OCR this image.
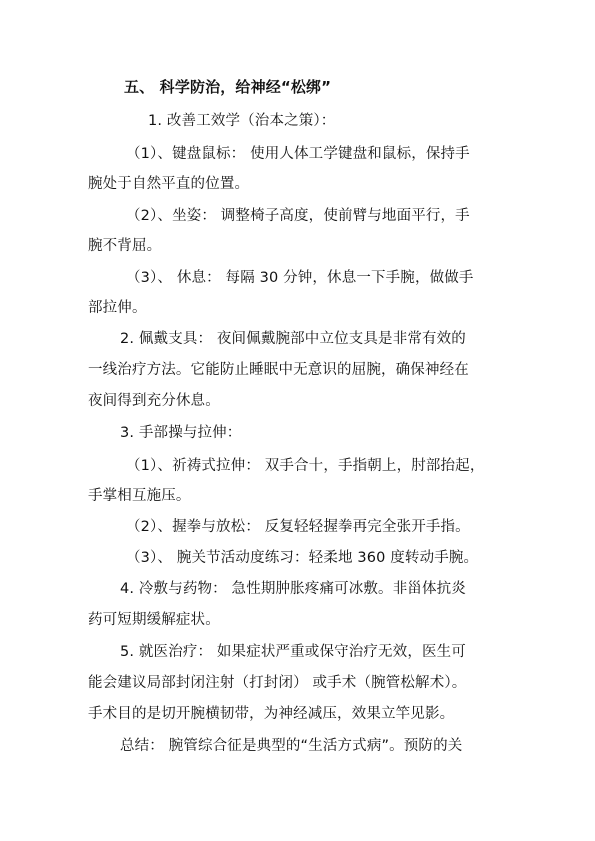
五、 科学防治，给神经“松绑”
1. 改善工效学（治本之策）：
（1）、键盘鼠标： 使用人体工学键盘和鼠标，保持手
腕处于自然平直的位置。
（2）、坐姿： 调整椅子高度，使前臂与地面平行，手
腕不背屈。
（3）、 休息： 每隔 30 分钟，休息一下手腕，做做手
部拉伸。
2. 佩戴支具： 夜间佩戴腕部中立位支具是非常有效的
一线治疗方法。它能防止睡眠中无意识的屈腕，确保神经在
夜间得到充分休息。
3. 手部操与拉伸：
（1）、祈祷式拉伸： 双手合十，手指朝上，肘部抬起，
手掌相互施压。
（2）、握拳与放松： 反复轻轻握拳再完全张开手指。
（3）、 腕关节活动度练习：轻柔地 360 度转动手腕。
4. 冷敷与药物： 急性期肿胀疼痛可冰敷。非甾体抗炎
药可短期缓解症状。
5. 就医治疗： 如果症状严重或保守治疗无效，医生可
能会建议局部封闭注射（打封闭） 或手术（腕管松解术）。
手术目的是切开腕横韧带，为神经减压，效果立竿见影。
总结： 腕管综合征是典型的“生活方式病”。预防的关
